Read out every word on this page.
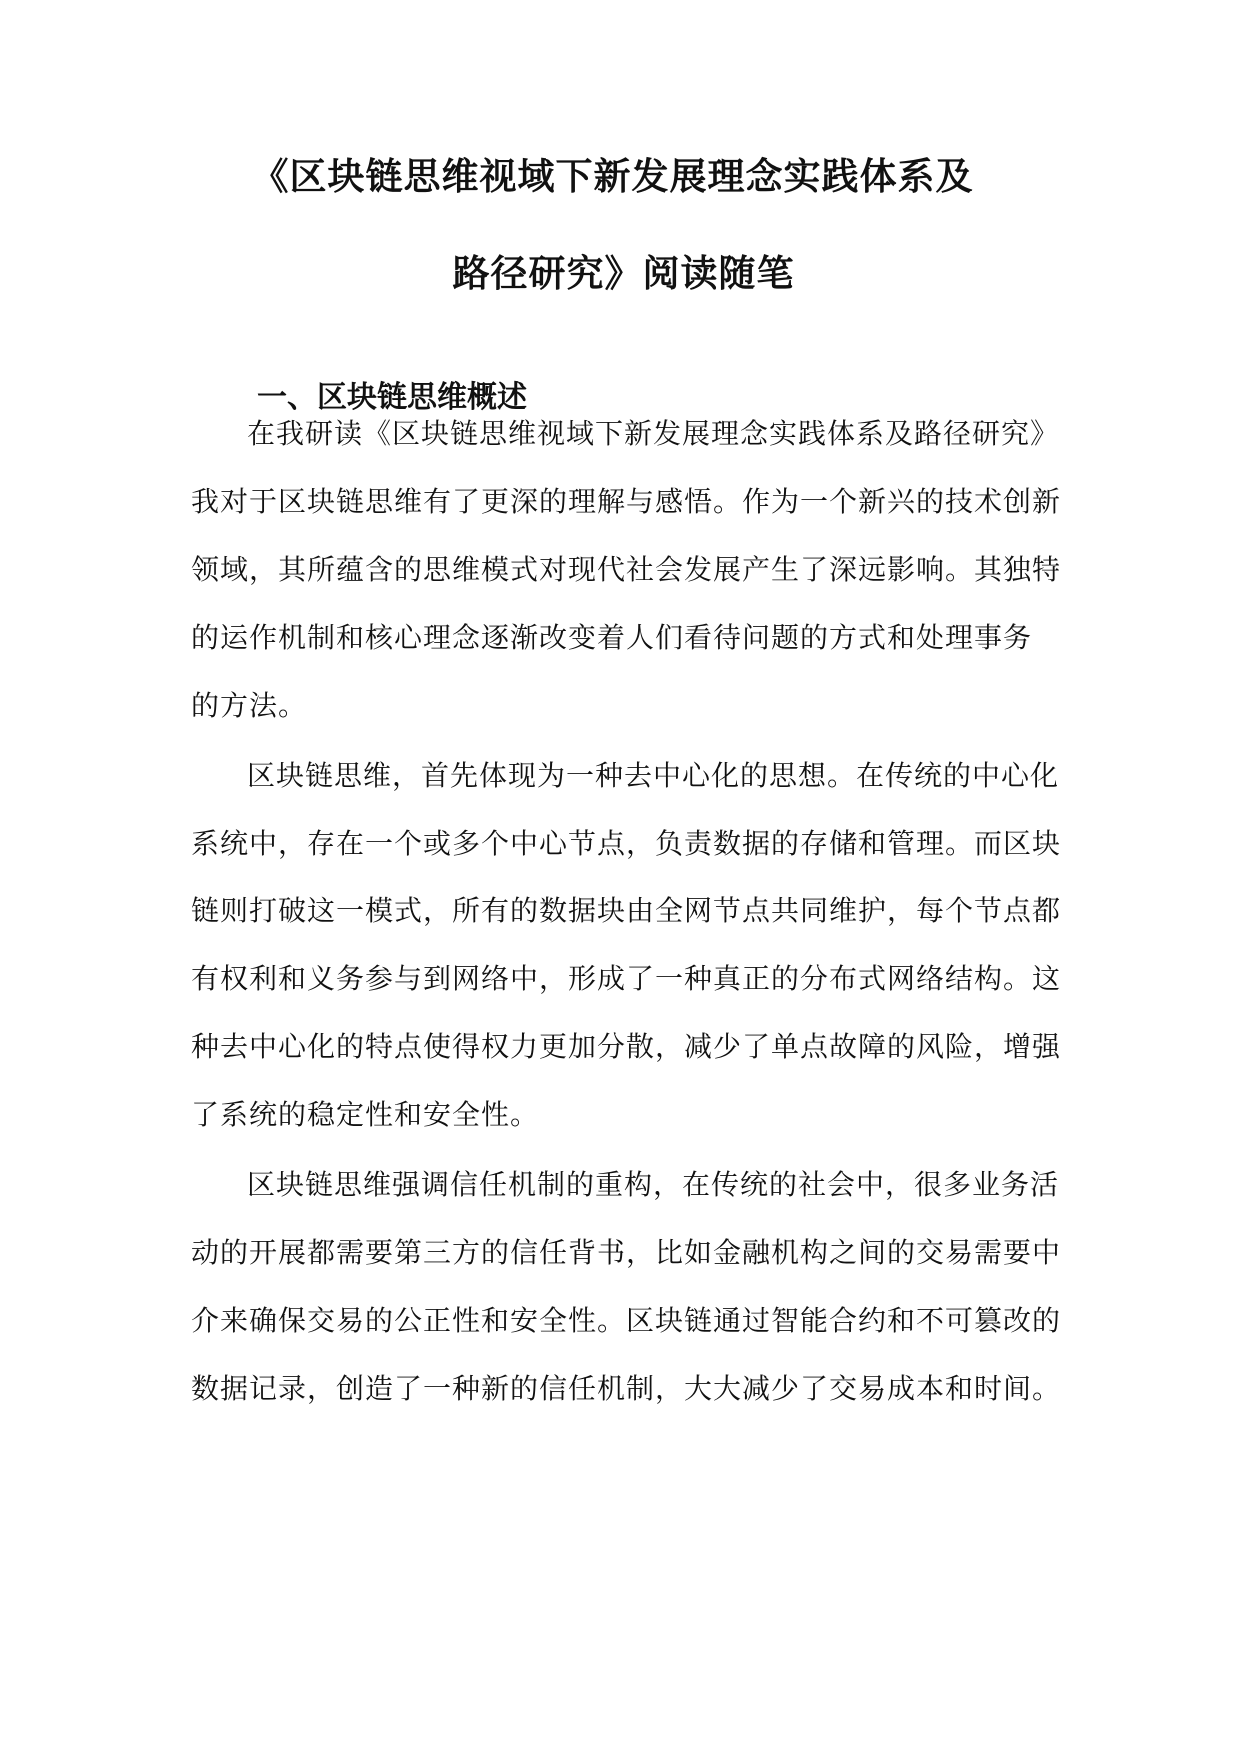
《区块链思维视域下新发展理念实践体系及
路径研究》阅读随笔
一、区块链思维概述
在我研读《区块链思维视域下新发展理念实践体系及路径研究》
我对于区块链思维有了更深的理解与感悟。作为一个新兴的技术创新
领域，其所蕴含的思维模式对现代社会发展产生了深远影响。其独特
的运作机制和核心理念逐渐改变着人们看待问题的方式和处理事务
的方法。
区块链思维，首先体现为一种去中心化的思想。在传统的中心化
系统中，存在一个或多个中心节点，负责数据的存储和管理。而区块
链则打破这一模式，所有的数据块由全网节点共同维护，每个节点都
有权利和义务参与到网络中，形成了一种真正的分布式网络结构。这
种去中心化的特点使得权力更加分散，减少了单点故障的风险，增强
了系统的稳定性和安全性。
区块链思维强调信任机制的重构，在传统的社会中，很多业务活
动的开展都需要第三方的信任背书，比如金融机构之间的交易需要中
介来确保交易的公正性和安全性。区块链通过智能合约和不可篡改的
数据记录，创造了一种新的信任机制，大大减少了交易成本和时间。
